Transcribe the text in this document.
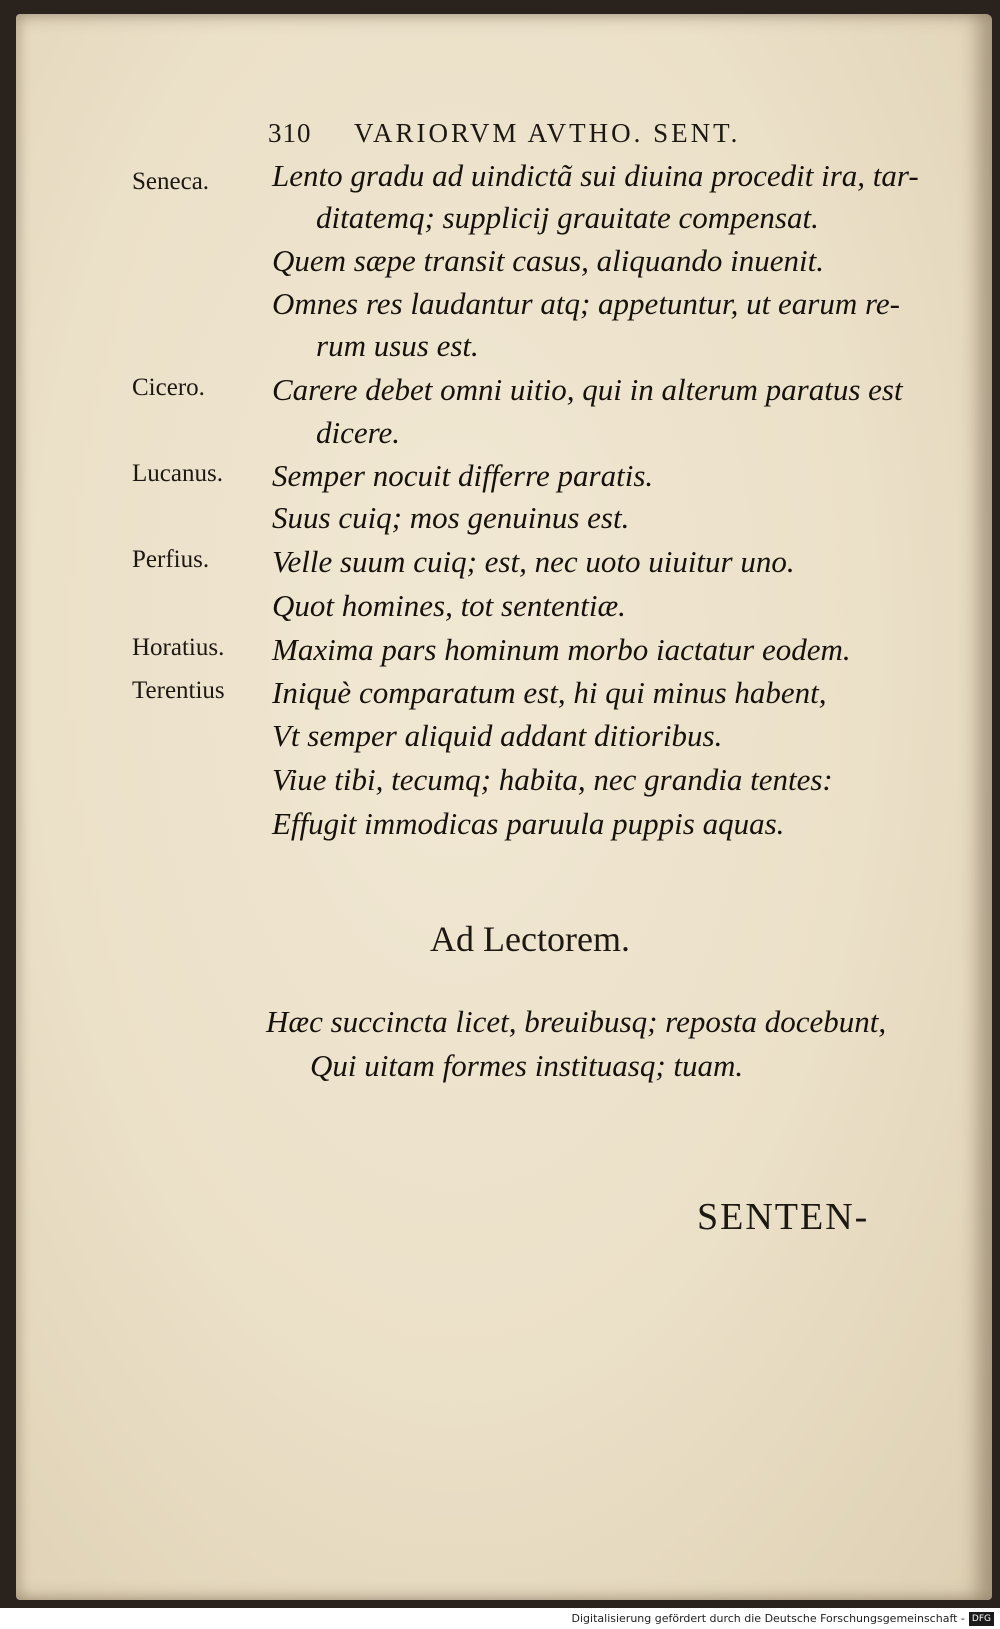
310 VARIORVM AVTHO. SENT.
Seneca.
Cicero.
Lucanus.
Perfius.
Horatius.
Terentius
Lento gradu ad uindictã sui diuina procedit ira, tar-
ditatemq; supplicij grauitate compensat.
Quem sæpe transit casus, aliquando inuenit.
Omnes res laudantur atq; appetuntur, ut earum re-
rum usus est.
Carere debet omni uitio, qui in alterum paratus est
dicere.
Semper nocuit differre paratis.
Suus cuiq; mos genuinus est.
Velle suum cuiq; est, nec uoto uiuitur uno.
Quot homines, tot sententiæ.
Maxima pars hominum morbo iactatur eodem.
Iniquè comparatum est, hi qui minus habent,
Vt semper aliquid addant ditioribus.
Viue tibi, tecumq; habita, nec grandia tentes:
Effugit immodicas paruula puppis aquas.
Ad Lectorem.
Hæc succincta licet, breuibusq; reposta docebunt,
Qui uitam formes instituasq; tuam.
SENTEN-
Digitalisierung gefördert durch die Deutsche Forschungsgemeinschaft - DFG
